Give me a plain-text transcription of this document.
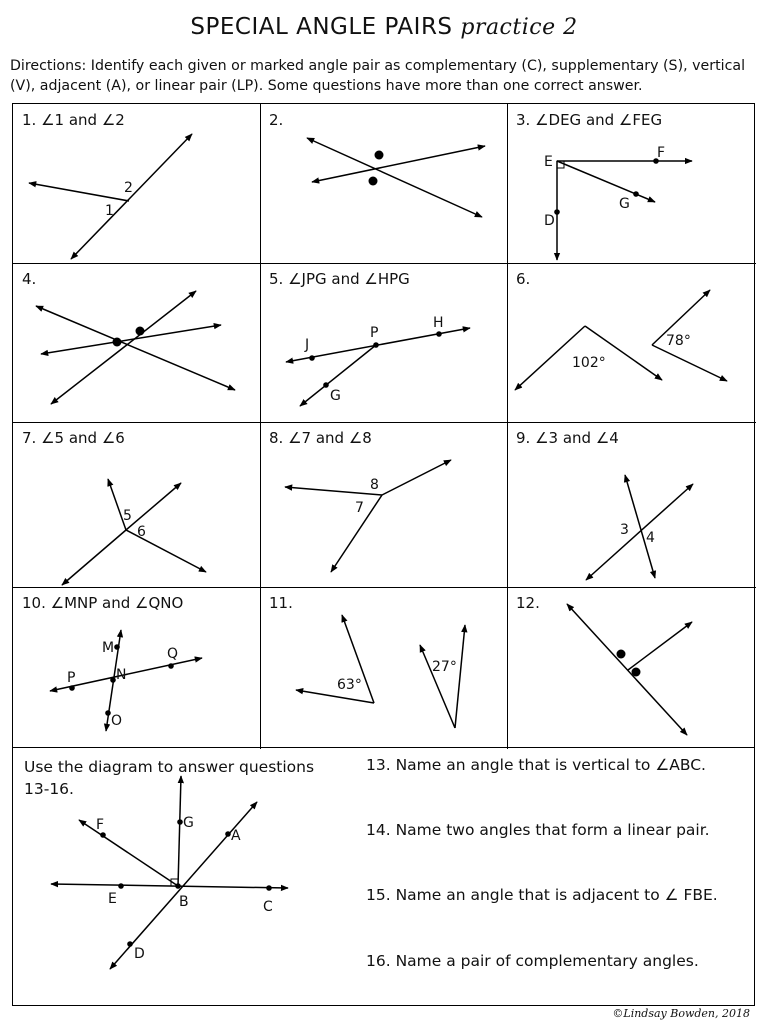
SPECIAL ANGLE PAIRS practice 2
Directions: Identify each given or marked angle pair as complementary (C), supplementary (S), vertical (V), adjacent (A), or linear pair (LP). Some questions have more than one correct answer.
1. ∠1 and ∠2
1
2
2.	3. ∠DEG and ∠FEG
E
F
G
D
4.	5. ∠JPG and ∠HPG
J
P
H
G
6.
102°
78°
7. ∠5 and ∠6
5
6
8. ∠7 and ∠8
8
7
9. ∠3 and ∠4
3 4
10. ∠MNP and ∠QNO
M
N
Q
P
O
11.
63°
27°
12.
Use the diagram to answer questions 13-16.
F	G
A
E	B	C
D
13. Name an angle that is vertical to ∠ABC.
14. Name two angles that form a linear pair.
15. Name an angle that is adjacent to ∠ FBE.
16. Name a pair of complementary angles.
©Lindsay Bowden, 2018
